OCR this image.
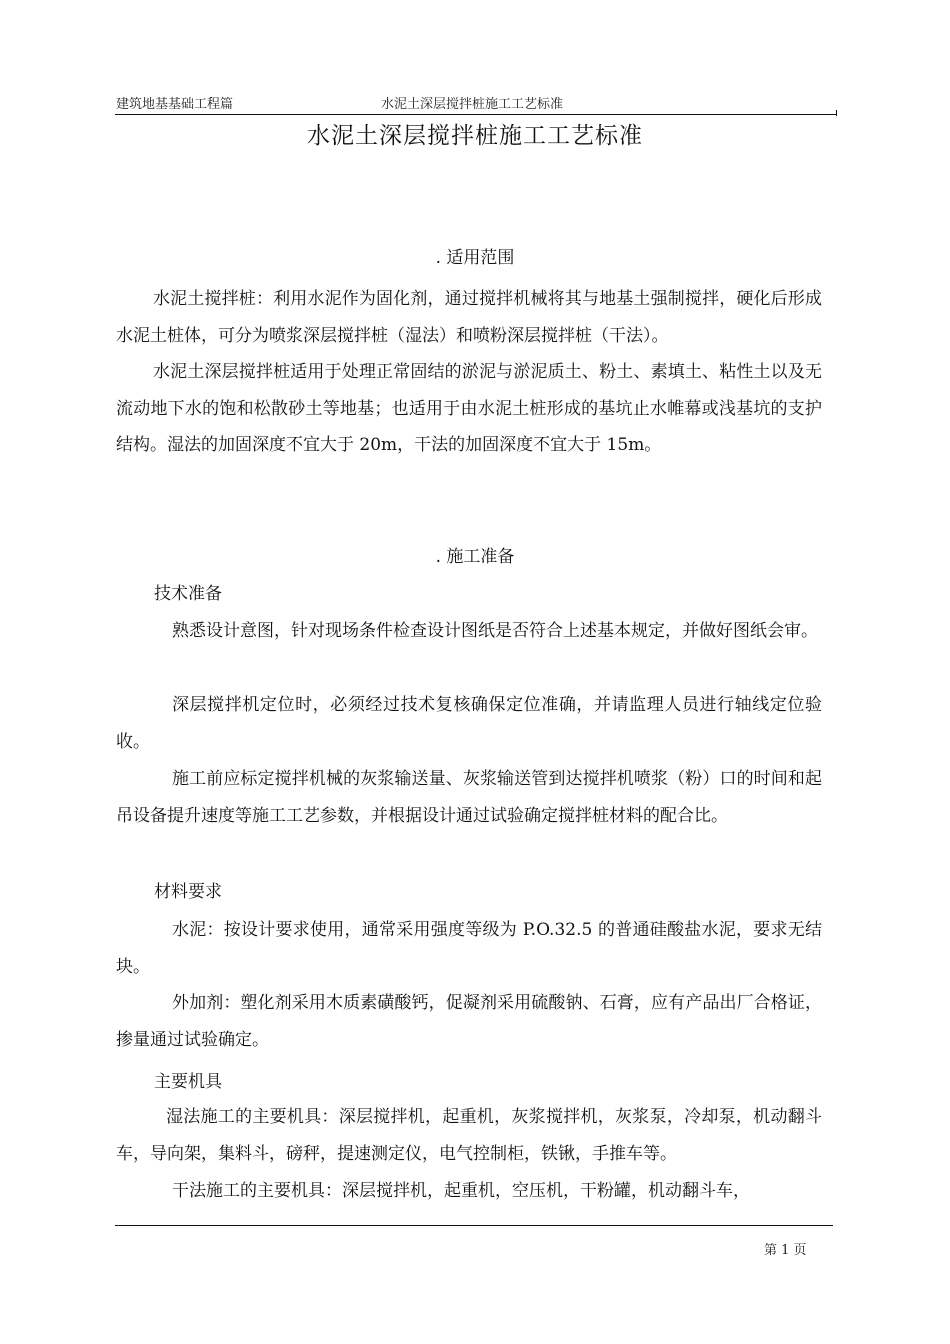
建筑地基基础工程篇	水泥土深层搅拌桩施工工艺标准
水泥土深层搅拌桩施工工艺标准
. 适用范围

水泥土搅拌桩：利用水泥作为固化剂，通过搅拌机械将其与地基土强制搅拌，硬化后形成水泥土桩体，可分为喷浆深层搅拌桩（湿法）和喷粉深层搅拌桩（干法）。

水泥土深层搅拌桩适用于处理正常固结的淤泥与淤泥质土、粉土、素填土、粘性土以及无流动地下水的饱和松散砂土等地基；也适用于由水泥土桩形成的基坑止水帷幕或浅基坑的支护结构。湿法的加固深度不宜大于 20m，干法的加固深度不宜大于 15m。

. 施工准备
技术准备

熟悉设计意图，针对现场条件检查设计图纸是否符合上述基本规定，并做好图纸会审。

深层搅拌机定位时，必须经过技术复核确保定位准确，并请监理人员进行轴线定位验收。

施工前应标定搅拌机械的灰浆输送量、灰浆输送管到达搅拌机喷浆（粉）口的时间和起吊设备提升速度等施工工艺参数，并根据设计通过试验确定搅拌桩材料的配合比。

材料要求

水泥：按设计要求使用，通常采用强度等级为 P.O.32.5 的普通硅酸盐水泥，要求无结块。

外加剂：塑化剂采用木质素磺酸钙，促凝剂采用硫酸钠、石膏，应有产品出厂合格证，掺量通过试验确定。

主要机具

湿法施工的主要机具：深层搅拌机，起重机，灰浆搅拌机，灰浆泵，冷却泵，机动翻斗车，导向架，集料斗，磅秤，提速测定仪，电气控制柜，铁锹，手推车等。

干法施工的主要机具：深层搅拌机，起重机，空压机，干粉罐，机动翻斗车，

第 1 页
